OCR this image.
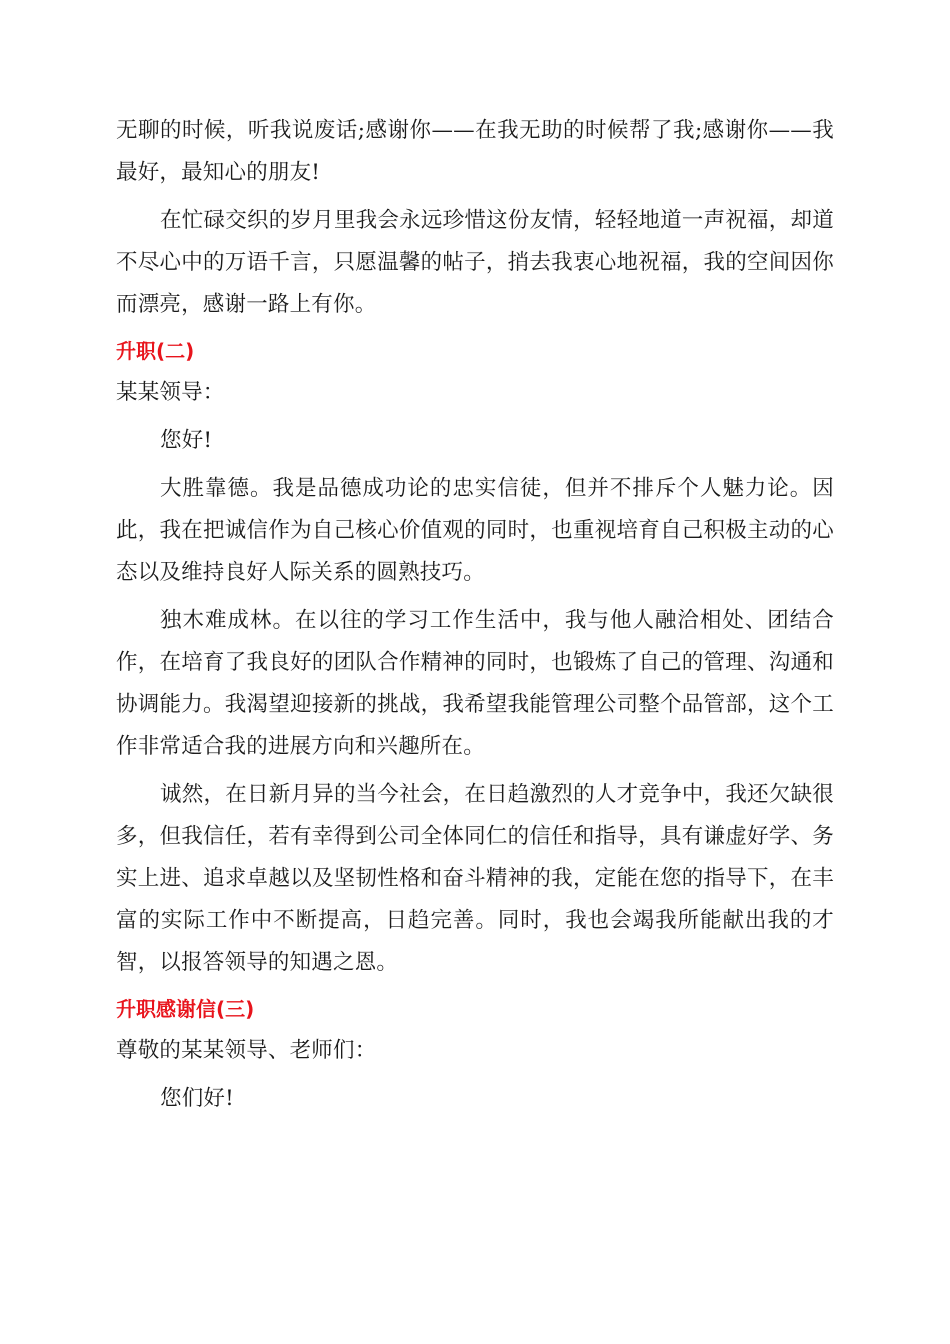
无聊的时候，听我说废话;感谢你——在我无助的时候帮了我;感谢你——我最好，最知心的朋友!

在忙碌交织的岁月里我会永远珍惜这份友情，轻轻地道一声祝福，却道不尽心中的万语千言，只愿温馨的帖子，捎去我衷心地祝福，我的空间因你而漂亮，感谢一路上有你。

升职(二)

某某领导：

您好!

大胜靠德。我是品德成功论的忠实信徒，但并不排斥个人魅力论。因此，我在把诚信作为自己核心价值观的同时，也重视培育自己积极主动的心态以及维持良好人际关系的圆熟技巧。

独木难成林。在以往的学习工作生活中，我与他人融洽相处、团结合作，在培育了我良好的团队合作精神的同时，也锻炼了自己的管理、沟通和协调能力。我渴望迎接新的挑战，我希望我能管理公司整个品管部，这个工作非常适合我的进展方向和兴趣所在。

诚然，在日新月异的当今社会，在日趋激烈的人才竞争中，我还欠缺很多，但我信任，若有幸得到公司全体同仁的信任和指导，具有谦虚好学、务实上进、追求卓越以及坚韧性格和奋斗精神的我，定能在您的指导下，在丰富的实际工作中不断提高，日趋完善。同时，我也会竭我所能献出我的才智，以报答领导的知遇之恩。

升职感谢信(三)

尊敬的某某领导、老师们：

您们好!
